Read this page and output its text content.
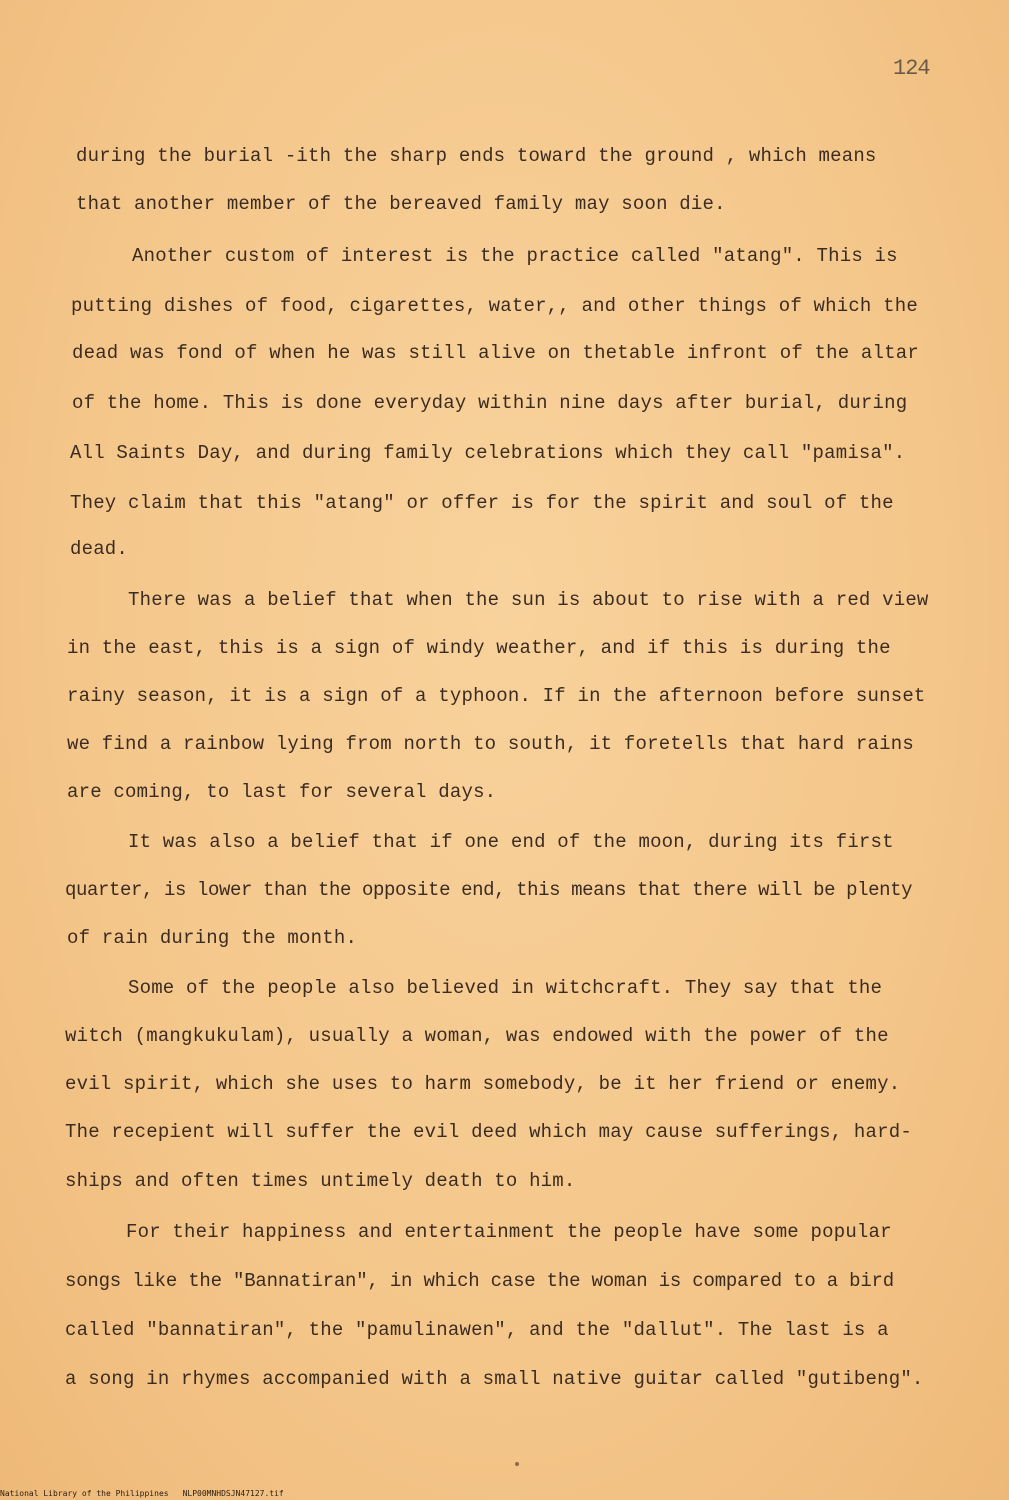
124
during the burial -ith the sharp ends toward the ground , which means
that another member of the bereaved family may soon die.
Another custom of interest is the practice called "atang". This is
putting dishes of food, cigarettes, water,, and other things of which the
dead was fond of when he was still alive on thetable infront of the altar
of the home. This is done everyday within nine days after burial, during
All Saints Day, and during family celebrations which they call "pamisa".
They claim that this "atang" or offer is for the spirit and soul of the
dead.
There was a belief that when the sun is about to rise with a red view
in the east, this is a sign of windy weather, and if this is during the
rainy season, it is a sign of a typhoon. If in the afternoon before sunset
we find a rainbow lying from north to south, it foretells that hard rains
are coming, to last for several days.
It was also a belief that if one end of the moon, during its first
quarter, is lower than the opposite end, this means that there will be plenty
of rain during the month.
Some of the people also believed in witchcraft. They say that the
witch (mangkukulam), usually a woman, was endowed with the power of the
evil spirit, which she uses to harm somebody, be it her friend or enemy.
The recepient will suffer the evil deed which may cause sufferings, hard-
ships and often times untimely death to him.
For their happiness and entertainment the people have some popular
songs like the "Bannatiran", in which case the woman is compared to a bird
called "bannatiran", the "pamulinawen", and the "dallut". The last is a
a song in rhymes accompanied with a small native guitar called "gutibeng".
National Library of the Philippines NLP00MNHDSJN47127.tif
